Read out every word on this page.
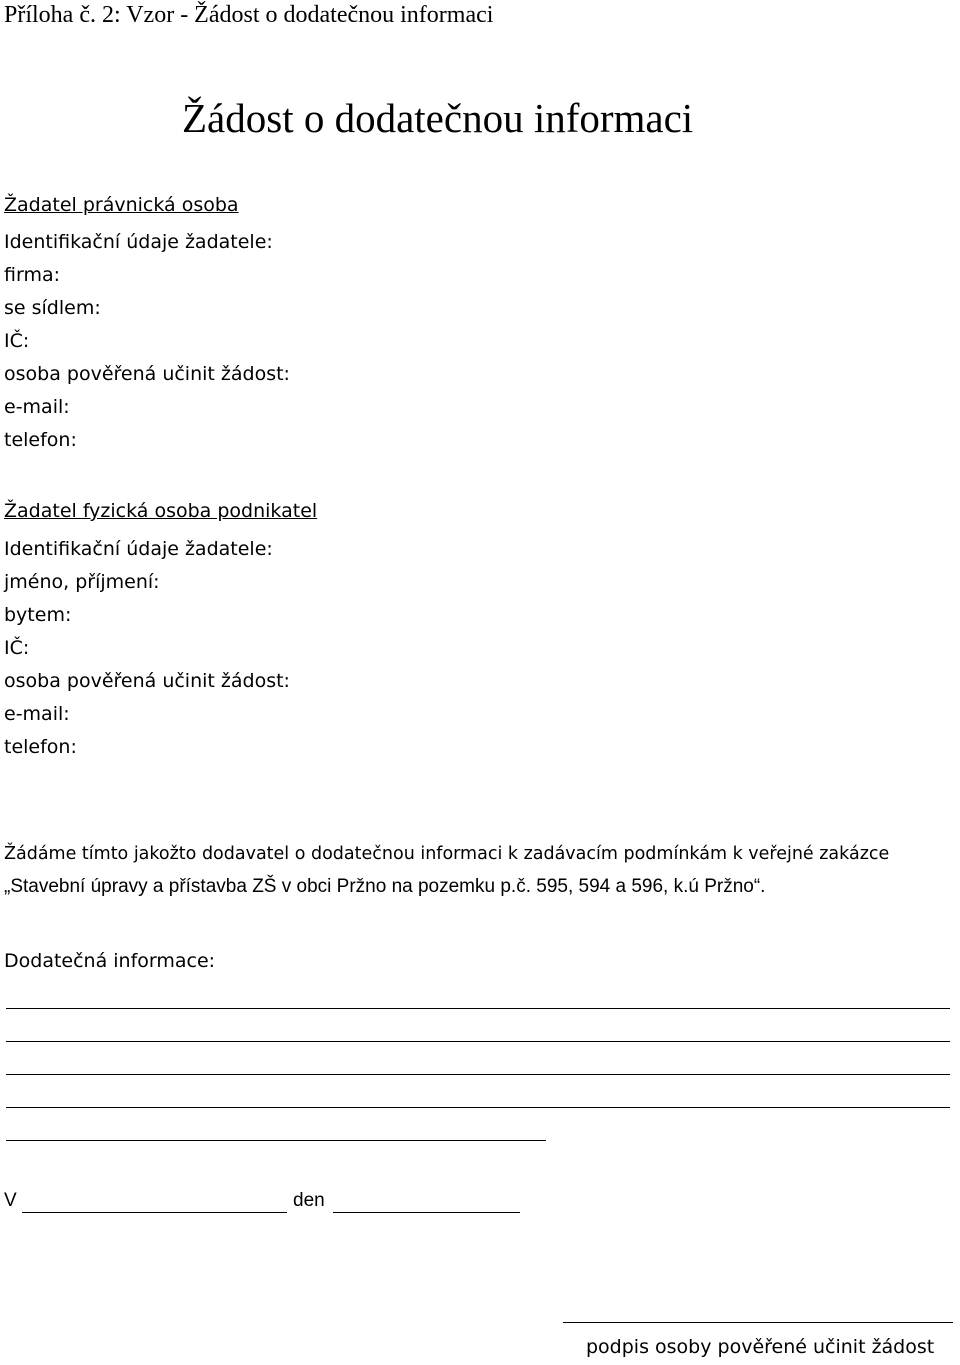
Příloha č. 2: Vzor - Žádost o dodatečnou informaci
Žádost o dodatečnou informaci
Žadatel právnická osoba
Identifikační údaje žadatele:
firma:
se sídlem:
IČ:
osoba pověřená učinit žádost:
e-mail:
telefon:
Žadatel fyzická osoba podnikatel
Identifikační údaje žadatele:
jméno, příjmení:
bytem:
IČ:
osoba pověřená učinit žádost:
e-mail:
telefon:
Žádáme tímto jakožto dodavatel o dodatečnou informaci k zadávacím podmínkám k veřejné zakázce
„Stavební úpravy a přístavba ZŠ v obci Pržno na pozemku p.č. 595, 594 a 596, k.ú Pržno“.
Dodatečná informace:
V	den
podpis osoby pověřené učinit žádost
